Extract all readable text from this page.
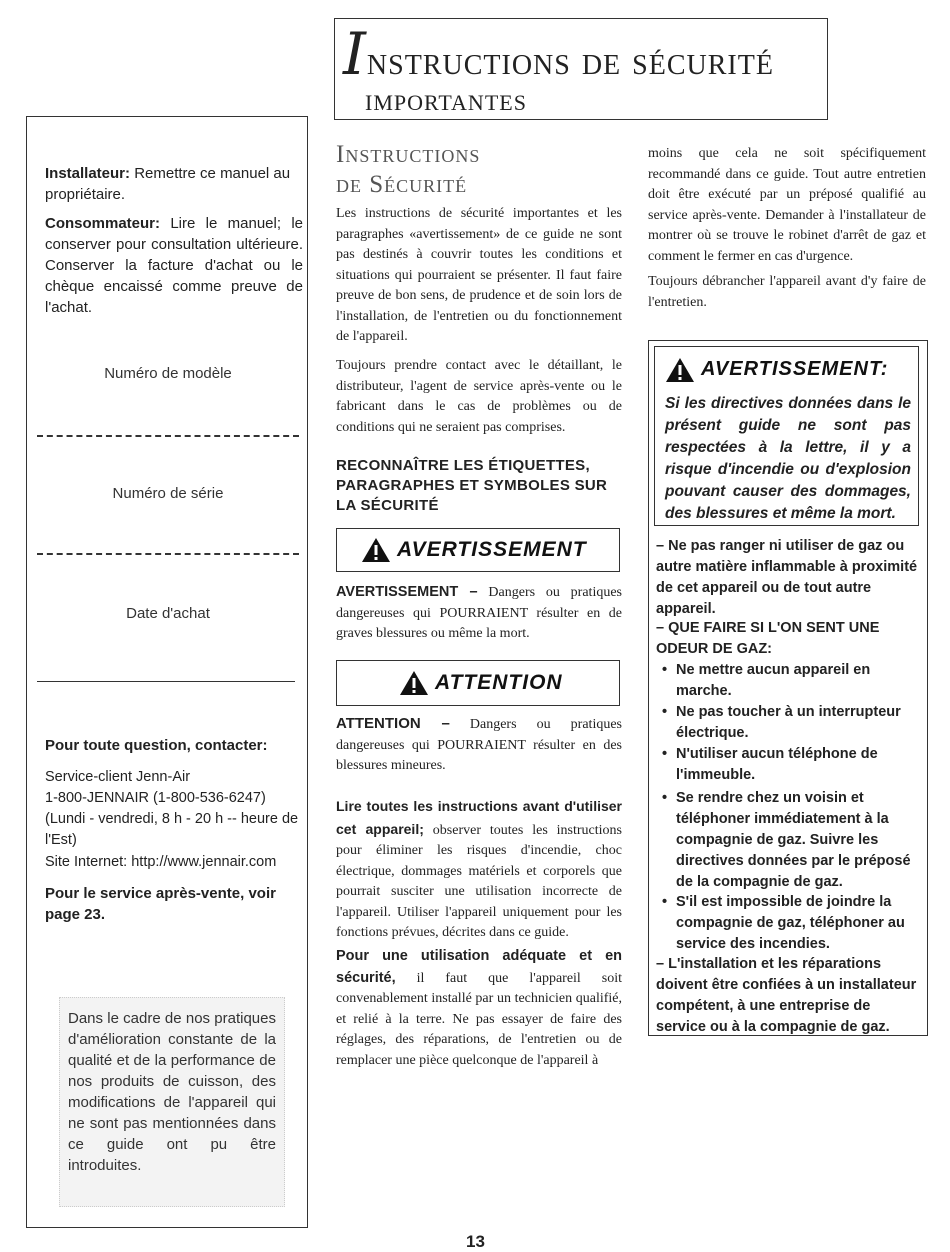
Instructions de sécurité
importantes
Installateur: Remettre ce manuel au propriétaire.
Consommateur: Lire le manuel; le conserver pour consultation ultérieure. Conserver la facture d'achat ou le chèque encaissé comme preuve de l'achat.
Numéro de modèle
Numéro de série
Date d'achat
Pour toute question, contacter:
Service-client Jenn-Air
1-800-JENNAIR (1-800-536-6247)
(Lundi - vendredi, 8 h - 20 h -- heure de l'Est)
Site Internet: http://www.jennair.com
Pour le service après-vente, voir page 23.
Dans le cadre de nos pratiques d'amélioration constante de la qualité et de la performance de nos produits de cuisson, des modifications de l'appareil qui ne sont pas mentionnées dans ce guide ont pu être introduites.
Instructions
de Sécurité
Les instructions de sécurité importantes et les paragraphes «avertissement» de ce guide ne sont pas destinés à couvrir toutes les conditions et situations qui pourraient se présenter. Il faut faire preuve de bon sens, de prudence et de soin lors de l'installation, de l'entretien ou du fonctionnement de l'appareil.
Toujours prendre contact avec le détaillant, le distributeur, l'agent de service après-vente ou le fabricant dans le cas de problèmes ou de conditions qui ne seraient pas comprises.
RECONNAÎTRE LES ÉTIQUETTES, PARAGRAPHES ET SYMBOLES SUR LA SÉCURITÉ
AVERTISSEMENT
AVERTISSEMENT – Dangers ou pratiques dangereuses qui POURRAIENT résulter en de graves blessures ou même la mort.
ATTENTION
ATTENTION – Dangers ou pratiques dangereuses qui POURRAIENT résulter en des blessures mineures.
Lire toutes les instructions avant d'utiliser cet appareil; observer toutes les instructions pour éliminer les risques d'incendie, choc électrique, dommages matériels et corporels que pourrait susciter une utilisation incorrecte de l'appareil. Utiliser l'appareil uniquement pour les fonctions prévues, décrites dans ce guide.
Pour une utilisation adéquate et en sécurité, il faut que l'appareil soit convenablement installé par un technicien qualifié, et relié à la terre. Ne pas essayer de faire des réglages, des réparations, de l'entretien ou de remplacer une pièce quelconque de l'appareil à
moins que cela ne soit spécifiquement recommandé dans ce guide. Tout autre entretien doit être exécuté par un préposé qualifié au service après-vente. Demander à l'installateur de montrer où se trouve le robinet d'arrêt de gaz et comment le fermer en cas d'urgence.
Toujours débrancher l'appareil avant d'y faire de l'entretien.
AVERTISSEMENT:
Si les directives données dans le présent guide ne sont pas respectées à la lettre, il y a risque d'incendie ou d'explosion pouvant causer des dommages, des blessures et même la mort.
– Ne pas ranger ni utiliser de gaz ou autre matière inflammable à proximité de cet appareil ou de tout autre appareil.
– QUE FAIRE SI L'ON SENT UNE ODEUR DE GAZ:
• Ne mettre aucun appareil en marche.
• Ne pas toucher à un interrupteur électrique.
• N'utiliser aucun téléphone de l'immeuble.
• Se rendre chez un voisin et téléphoner immédiatement à la compagnie de gaz. Suivre les directives données par le préposé de la compagnie de gaz.
• S'il est impossible de joindre la compagnie de gaz, téléphoner au service des incendies.
– L'installation et les réparations doivent être confiées à un installateur compétent, à une entreprise de service ou à la compagnie de gaz.
13
